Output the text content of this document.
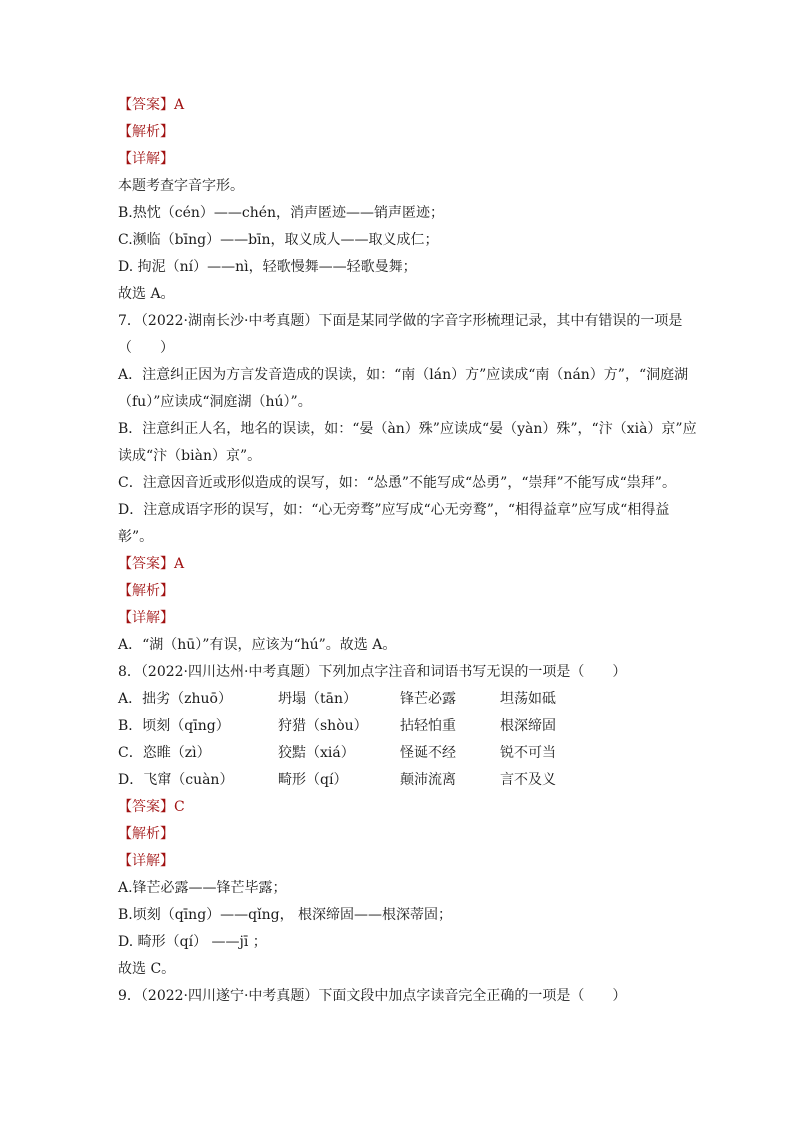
【答案】A

【解析】

【详解】

本题考查字音字形。

B.热忱（cén）——chén，消声匿迹——销声匿迹；

C.濒临（bīng）——bīn，取义成人——取义成仁；

D. 拘泥（ní）——nì，轻歌慢舞——轻歌曼舞；

故选 A。

7．（2022·湖南长沙·中考真题）下面是某同学做的字音字形梳理记录，其中有错误的一项是

（　　）

A．注意纠正因为方言发音造成的误读，如：“南（lán）方”应读成“南（nán）方”，“洞庭湖

（fu）”应读成“洞庭湖（hú）”。

B．注意纠正人名，地名的误读，如：“晏（àn）殊”应读成“晏（yàn）殊”，“汴（xià）京”应

读成“汴（biàn）京”。

C．注意因音近或形似造成的误写，如：“怂恿”不能写成“怂勇”，“崇拜”不能写成“祟拜”。

D．注意成语字形的误写，如：“心无旁骛”应写成“心无旁鹜”，“相得益章”应写成“相得益

彰”。

【答案】A

【解析】

【详解】

A．“湖（hū）”有误，应该为“hú”。故选 A。

8．（2022·四川达州·中考真题）下列加点字注音和词语书写无误的一项是（　　）

A．拙劣（zhuō）	坍塌（tān）	锋芒必露	坦荡如砥
B．顷刻（qīng）	狩猎（shòu）	拈轻怕重	根深缔固
C．恣睢（zì）	狡黠（xiá）	怪诞不经	锐不可当
D．飞窜（cuàn）	畸形（qí）	颠沛流离	言不及义

【答案】C

【解析】

【详解】

A.锋芒必露——锋芒毕露；

B.顷刻（qīng）——qǐng， 根深缔固——根深蒂固；

D. 畸形（qí） ——jī ；

故选 C。

9．（2022·四川遂宁·中考真题）下面文段中加点字读音完全正确的一项是（　　）
